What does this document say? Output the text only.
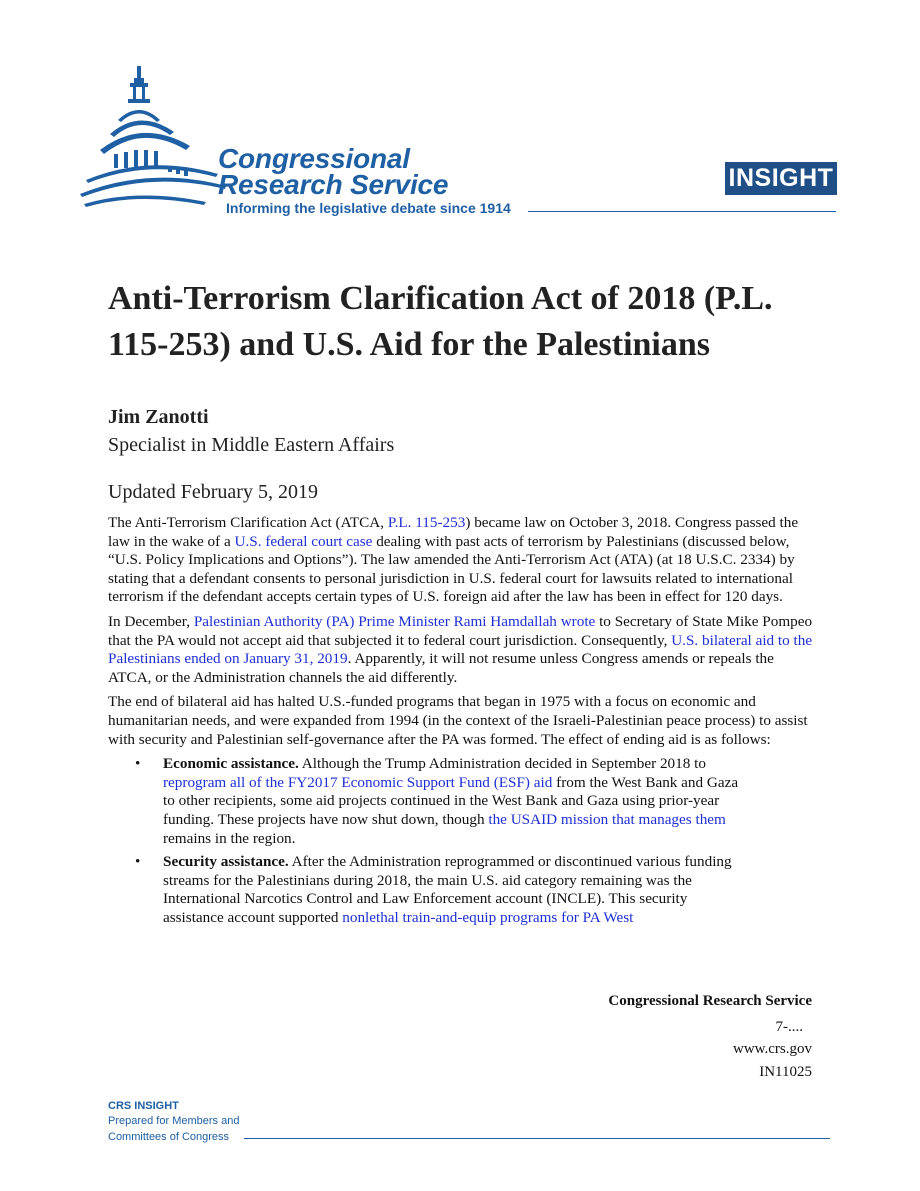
Congressional
Research Service
Informing the legislative debate since 1914
INSIGHT
Anti-Terrorism Clarification Act of 2018 (P.L. 115-253) and U.S. Aid for the Palestinians
Jim Zanotti
Specialist in Middle Eastern Affairs
Updated February 5, 2019

The Anti-Terrorism Clarification Act (ATCA, P.L. 115-253) became law on October 3, 2018. Congress passed the law in the wake of a U.S. federal court case dealing with past acts of terrorism by Palestinians (discussed below, “U.S. Policy Implications and Options”). The law amended the Anti-Terrorism Act (ATA) (at 18 U.S.C. 2334) by stating that a defendant consents to personal jurisdiction in U.S. federal court for lawsuits related to international terrorism if the defendant accepts certain types of U.S. foreign aid after the law has been in effect for 120 days.

In December, Palestinian Authority (PA) Prime Minister Rami Hamdallah wrote to Secretary of State Mike Pompeo that the PA would not accept aid that subjected it to federal court jurisdiction. Consequently, U.S. bilateral aid to the Palestinians ended on January 31, 2019. Apparently, it will not resume unless Congress amends or repeals the ATCA, or the Administration channels the aid differently.

The end of bilateral aid has halted U.S.-funded programs that began in 1975 with a focus on economic and humanitarian needs, and were expanded from 1994 (in the context of the Israeli-Palestinian peace process) to assist with security and Palestinian self-governance after the PA was formed. The effect of ending aid is as follows:

• Economic assistance. Although the Trump Administration decided in September 2018 to reprogram all of the FY2017 Economic Support Fund (ESF) aid from the West Bank and Gaza to other recipients, some aid projects continued in the West Bank and Gaza using prior-year funding. These projects have now shut down, though the USAID mission that manages them remains in the region.
• Security assistance. After the Administration reprogrammed or discontinued various funding streams for the Palestinians during 2018, the main U.S. aid category remaining was the International Narcotics Control and Law Enforcement account (INCLE). This security assistance account supported nonlethal train-and-equip programs for PA West
Congressional Research Service
7-....
www.crs.gov
IN11025
CRS INSIGHT
Prepared for Members and
Committees of Congress
